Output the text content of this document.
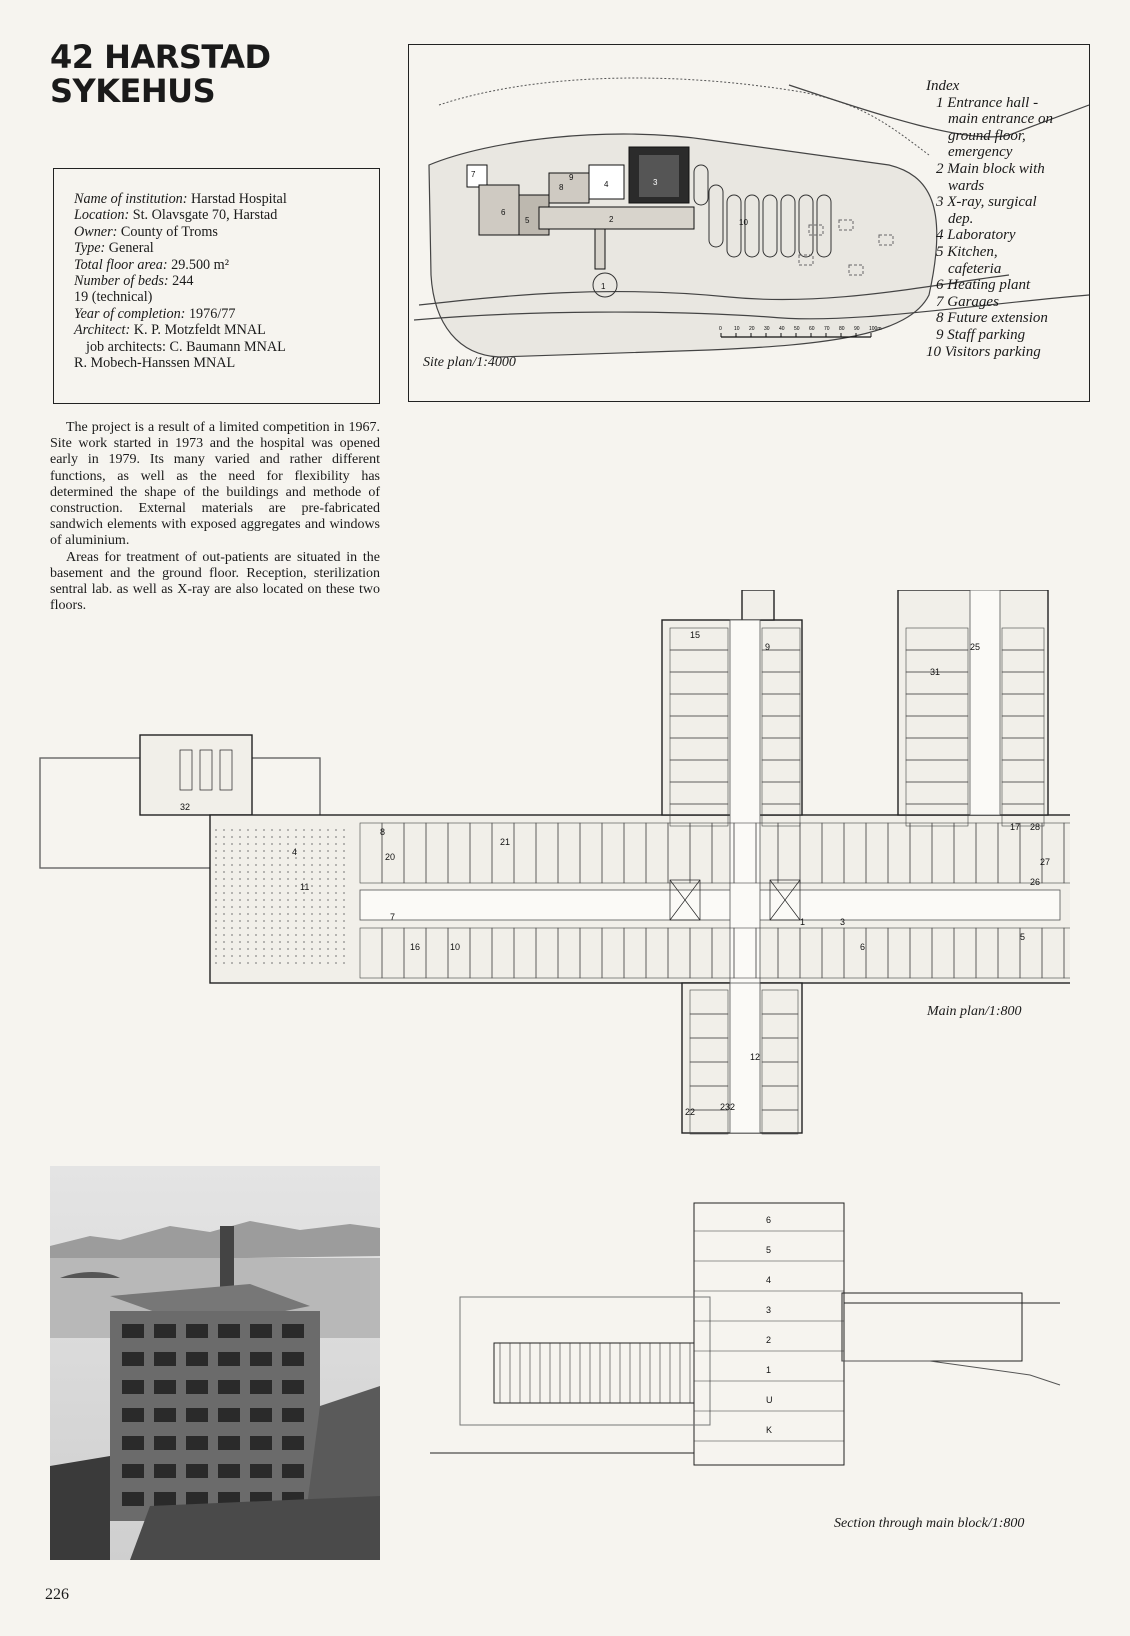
42 HARSTAD
SYKEHUS
Name of institution: Harstad Hospital
Location: St. Olavsgate 70, Harstad
Owner: County of Troms
Type: General
Total floor area: 29.500 m²
Number of beds: 244
19 (technical)
Year of completion: 1976/77
Architect: K. P. Motzfeldt MNAL
job architects: C. Baumann MNAL
R. Mobech-Hanssen MNAL

The project is a result of a limited competition in 1967. Site work started in 1973 and the hospital was opened early in 1979. Its many varied and rather different functions, as well as the need for flexibility has determined the shape of the buildings and methode of construction. External materials are pre-fabricated sandwich elements with exposed aggregates and windows of aluminium.

Areas for treatment of out-patients are situated in the basement and the ground floor. Reception, sterilization sentral lab. as well as X-ray are also located on these two floors.

7
6
5	2
4	3
8
9
10
1
0 10 20 30 40 50 60 70 80 90 100m
Site plan/1:4000
Index
1 Entrance hall -
main entrance on
ground floor,
emergency
2 Main block with
wards
3 X-ray, surgical
dep.
4 Laboratory
5 Kitchen,
cafeteria
6 Heating plant
7 Garages
8 Future extension
9 Staff parking
10 Visitors parking
15
9
32
11
4
21
10
12
8
20
16
2
22	23
31
25
17 28
27
26
1	3
5
6
7
Main plan/1:800
6
5
4
3
2
1
U
K
Section through main block/1:800
226
